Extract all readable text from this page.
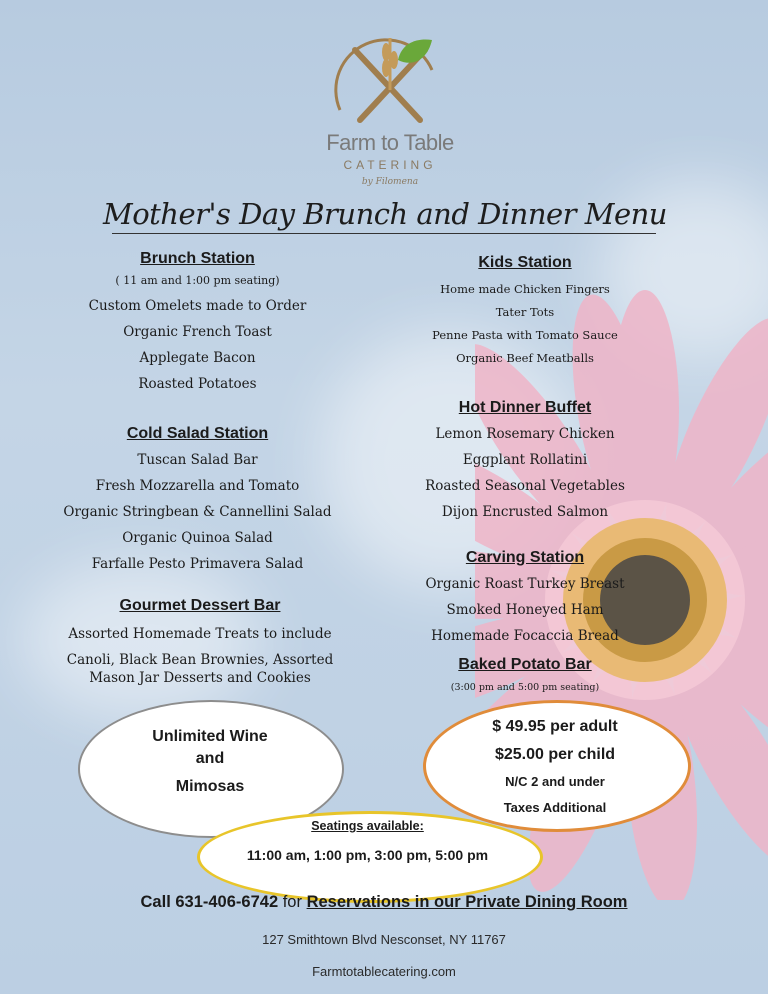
Farm to Table
CATERING
by Filomena
Mother's Day Brunch and Dinner Menu
Brunch Station
( 11 am and 1:00 pm seating)
Custom Omelets made to Order
Organic French Toast
Applegate Bacon
Roasted Potatoes
Cold Salad Station
Tuscan Salad Bar
Fresh Mozzarella and Tomato
Organic Stringbean & Cannellini Salad
Organic Quinoa Salad
Farfalle Pesto Primavera Salad
Gourmet Dessert Bar
Assorted Homemade Treats to include
Canoli, Black Bean Brownies, Assorted
Mason Jar Desserts and Cookies
Kids Station
Home made Chicken Fingers
Tater Tots
Penne Pasta with Tomato Sauce
Organic Beef Meatballs
Hot Dinner Buffet
Lemon Rosemary Chicken
Eggplant Rollatini
Roasted Seasonal Vegetables
Dijon Encrusted Salmon
Carving Station
Organic Roast Turkey Breast
Smoked Honeyed Ham
Homemade Focaccia Bread
Baked Potato Bar
(3:00 pm and 5:00 pm seating)
Unlimited Wine
and
Mimosas
$ 49.95 per adult
$25.00 per child
N/C 2 and under
Taxes Additional
Seatings available:
11:00 am, 1:00 pm, 3:00 pm, 5:00 pm
Call 631-406-6742 for Reservations in our Private Dining Room
127 Smithtown Blvd Nesconset, NY 11767
Farmtotablecatering.com
